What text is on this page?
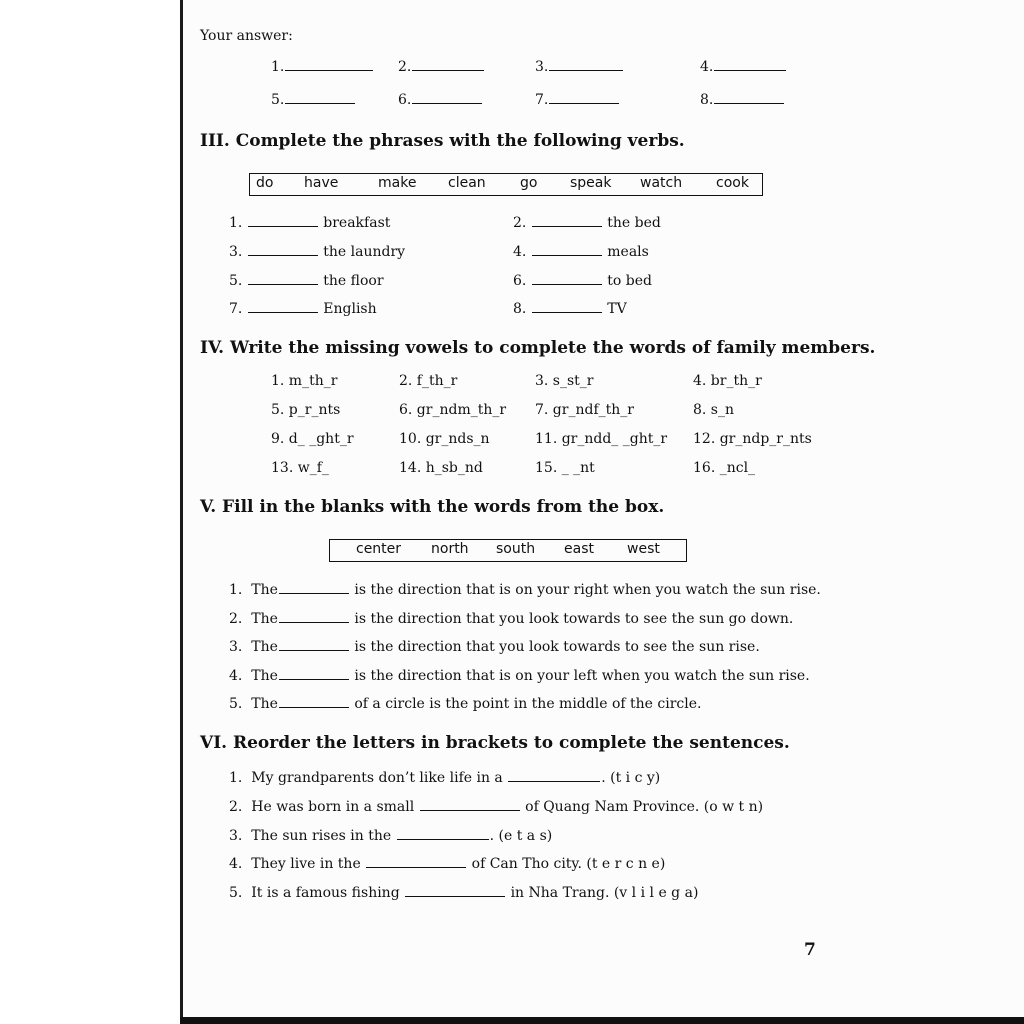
Your answer:
1.	2.	3.	4.
5.	6.	7.	8.
III. Complete the phrases with the following verbs.
do have	make clean go speak watch cook
1.	breakfast	2.	the bed
3.	the laundry	4.	meals
5.	the floor	6.	to bed
7.	English	8.	TV
IV. Write the missing vowels to complete the words of family members.
1. m_th_r	2. f_th_r	3. s_st_r	4. br_th_r
5. p_r_nts	6. gr_ndm_th_r 7. gr_ndf_th_r	8. s_n
9. d_ _ght_r	10. gr_nds_n	11. gr_ndd_ _ght_r 12. gr_ndp_r_nts
13. w_f_	14. h_sb_nd	15. _ _nt	16. _ncl_
V. Fill in the blanks with the words from the box.
center north south east west
1. The	is the direction that is on your right when you watch the sun rise.
2. The	is the direction that you look towards to see the sun go down.
3. The	is the direction that you look towards to see the sun rise.
4. The	is the direction that is on your left when you watch the sun rise.
5. The	of a circle is the point in the middle of the circle.
VI. Reorder the letters in brackets to complete the sentences.
1. My grandparents don’t like life in a	. (t i c y)
2. He was born in a small	of Quang Nam Province. (o w t n)
3. The sun rises in the	. (e t a s)
4. They live in the	of Can Tho city. (t e r c n e)
5. It is a famous fishing	in Nha Trang. (v l i l e g a)
7
